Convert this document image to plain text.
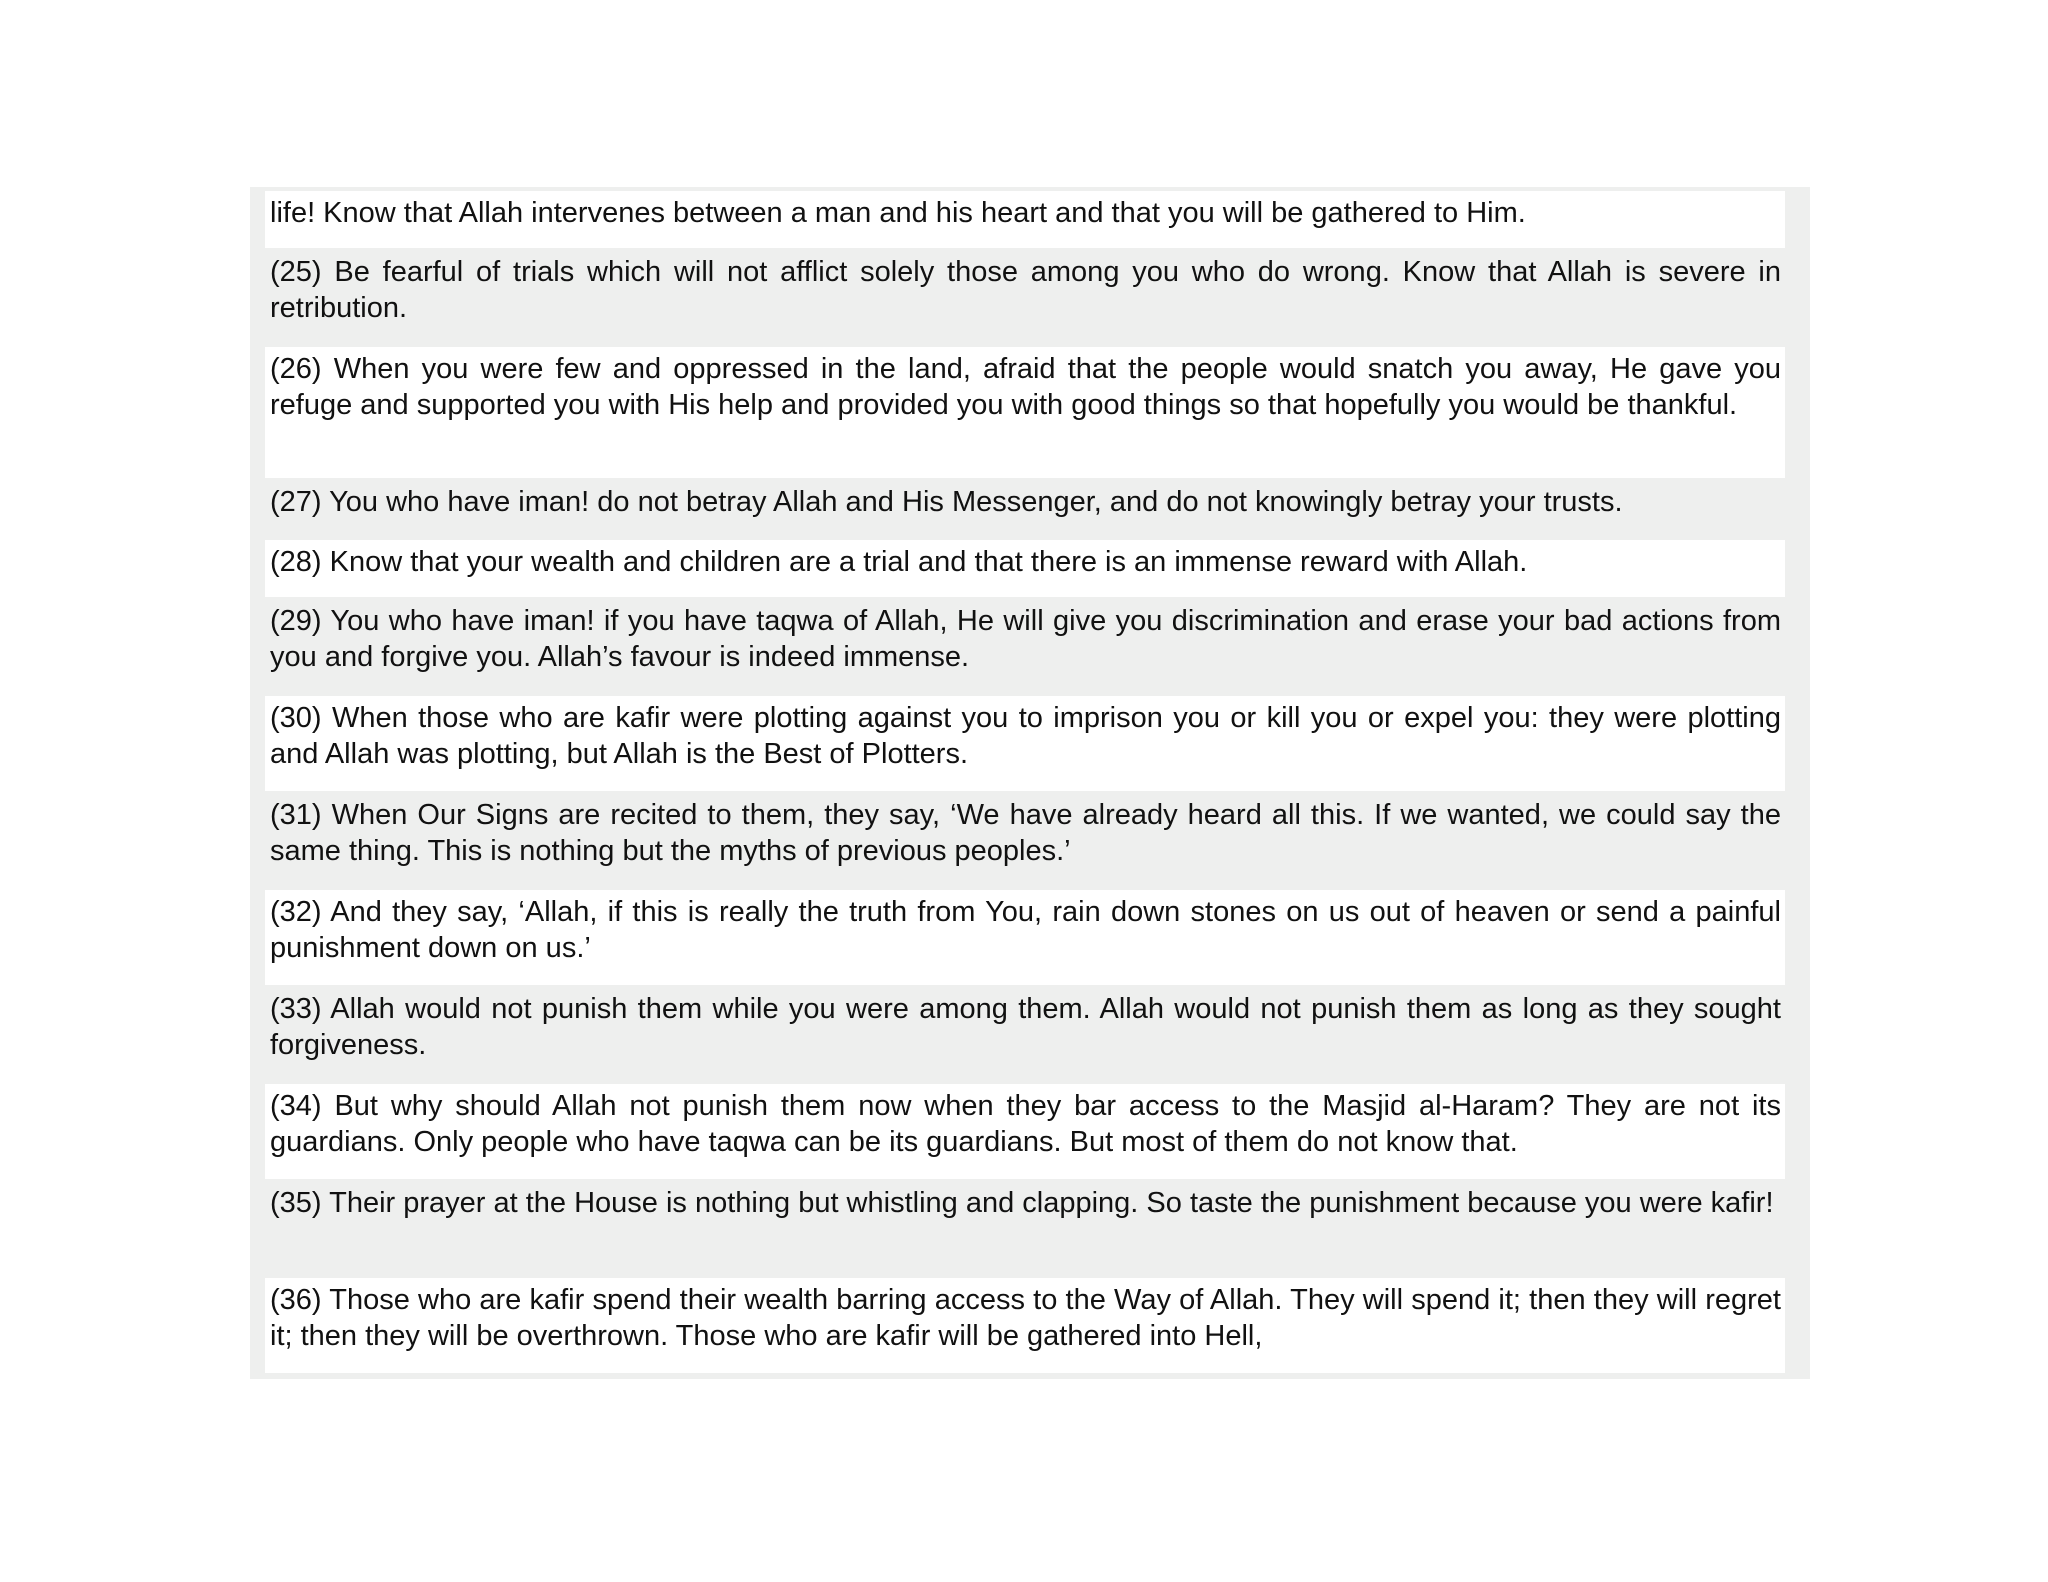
life! Know that Allah intervenes between a man and his heart and that you will be gathered to Him.
(25) Be fearful of trials which will not afflict solely those among you who do wrong. Know that Allah is severe in retribution.
(26) When you were few and oppressed in the land, afraid that the people would snatch you away, He gave you refuge and supported you with His help and provided you with good things so that hopefully you would be thankful.
(27) You who have iman! do not betray Allah and His Messenger, and do not knowingly betray your trusts.
(28) Know that your wealth and children are a trial and that there is an immense reward with Allah.
(29) You who have iman! if you have taqwa of Allah, He will give you discrimination and erase your bad actions from you and forgive you. Allah’s favour is indeed immense.
(30) When those who are kafir were plotting against you to imprison you or kill you or expel you: they were plotting and Allah was plotting, but Allah is the Best of Plotters.
(31) When Our Signs are recited to them, they say, ‘We have already heard all this. If we wanted, we could say the same thing. This is nothing but the myths of previous peoples.’
(32) And they say, ‘Allah, if this is really the truth from You, rain down stones on us out of heaven or send a painful punishment down on us.’
(33) Allah would not punish them while you were among them. Allah would not punish them as long as they sought forgiveness.
(34) But why should Allah not punish them now when they bar access to the Masjid al-Haram? They are not its guardians. Only people who have taqwa can be its guardians. But most of them do not know that.
(35) Their prayer at the House is nothing but whistling and clapping. So taste the punishment because you were kafir!
(36) Those who are kafir spend their wealth barring access to the Way of Allah. They will spend it; then they will regret it; then they will be overthrown. Those who are kafir will be gathered into Hell,
